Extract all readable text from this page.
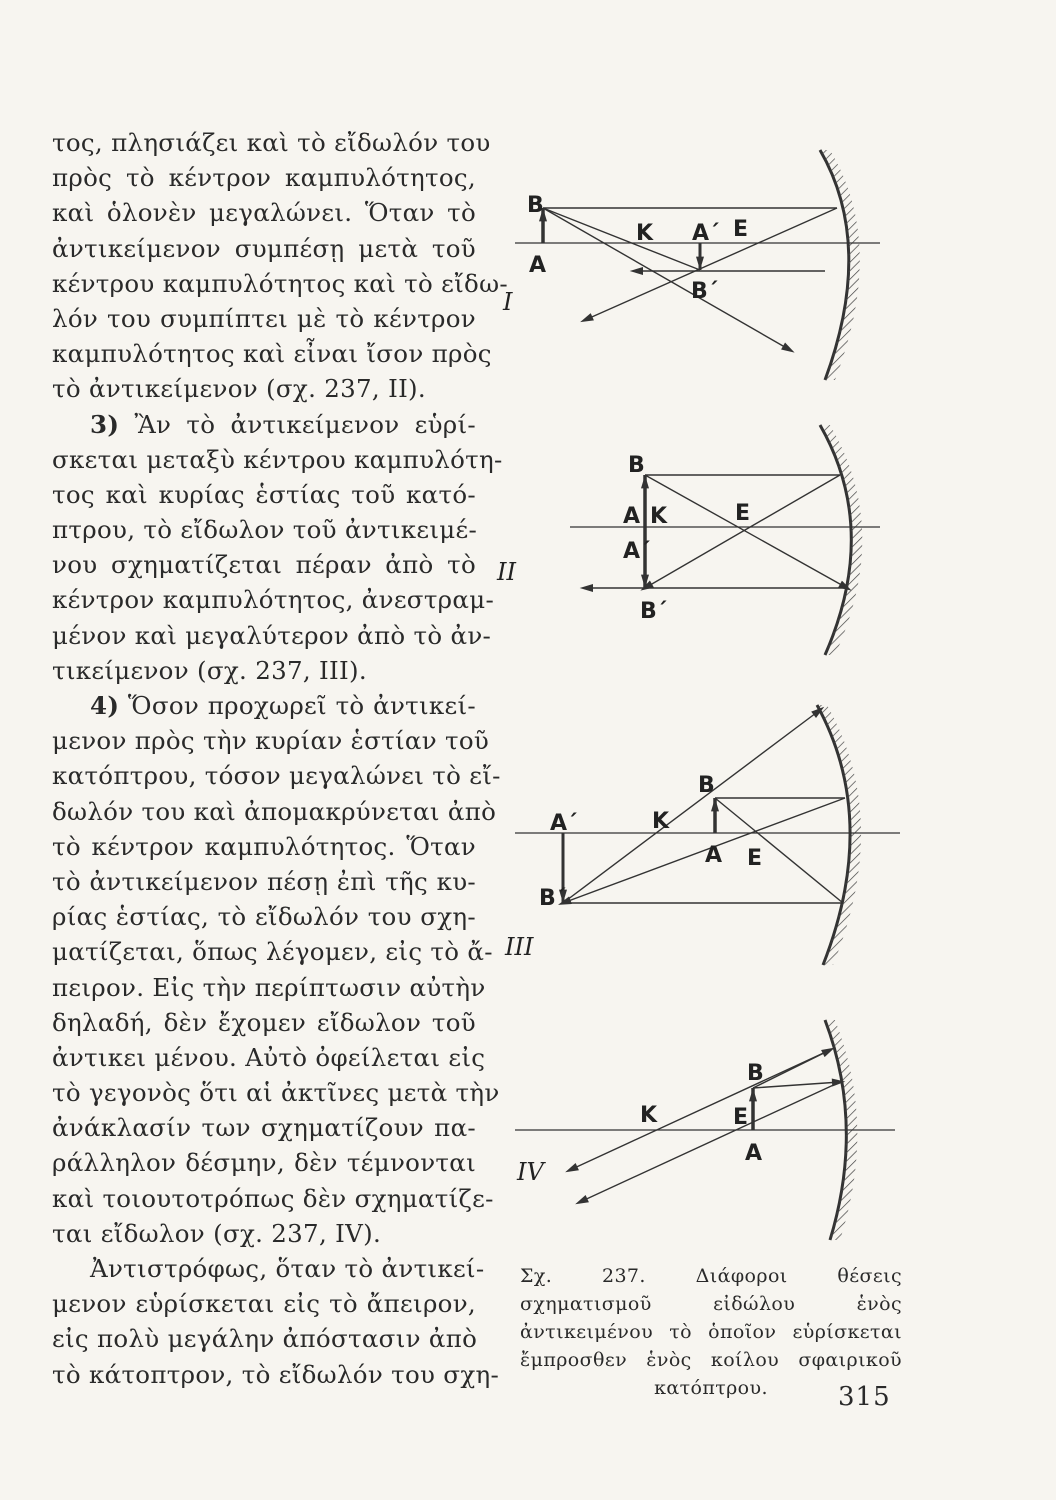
τος, πλησιάζει καὶ τὸ εἴδωλόν του
πρὸς τὸ κέντρον καμπυλότητος,
καὶ ὁλονὲν μεγαλώνει. Ὅταν τὸ
ἀντικείμενον συμπέσῃ μετὰ τοῦ
κέντρου καμπυλότητος καὶ τὸ εἴδω-
λόν του συμπίπτει μὲ τὸ κέντρον
καμπυλότητος καὶ εἶναι ἴσον πρὸς
τὸ ἀντικείμενον (σχ. 237, II).
3) Ἂν τὸ ἀντικείμενον εὑρί-
σκεται μεταξὺ κέντρου καμπυλότη-
τος καὶ κυρίας ἑστίας τοῦ κατό-
πτρου, τὸ εἴδωλον τοῦ ἀντικειμέ-
νου σχηματίζεται πέραν ἀπὸ τὸ
κέντρον καμπυλότητος, ἀνεστραμ-
μένον καὶ μεγαλύτερον ἀπὸ τὸ ἀν-
τικείμενον (σχ. 237, III).
4) Ὅσον προχωρεῖ τὸ ἀντικεί-
μενον πρὸς τὴν κυρίαν ἑστίαν τοῦ
κατόπτρου, τόσον μεγαλώνει τὸ εἴ-
δωλόν του καὶ ἀπομακρύνεται ἀπὸ
τὸ κέντρον καμπυλότητος. Ὅταν
τὸ ἀντικείμενον πέσῃ ἐπὶ τῆς κυ-
ρίας ἑστίας, τὸ εἴδωλόν του σχη-
ματίζεται, ὅπως λέγομεν, εἰς τὸ ἄ-
πειρον. Εἰς τὴν περίπτωσιν αὐτὴν
δηλαδή, δὲν ἔχομεν εἴδωλον τοῦ
ἀντικει μένου. Αὐτὸ ὀφείλεται εἰς
τὸ γεγονὸς ὅτι αἱ ἀκτῖνες μετὰ τὴν
ἀνάκλασίν των σχηματίζουν πα-
ράλληλον δέσμην, δὲν τέμνονται
καὶ τοιουτοτρόπως δὲν σχηματίζε-
ται εἴδωλον (σχ. 237, IV).
Ἀντιστρόφως, ὅταν τὸ ἀντικεί-
μενον εὑρίσκεται εἰς τὸ ἄπειρον,
εἰς πολὺ μεγάλην ἀπόστασιν ἀπὸ
τὸ κάτοπτρον, τὸ εἴδωλόν του σχη-
B
A
K A΄ E
B΄
I
B
A K
A΄
E
B΄
II
A΄	K
B
A E
B΄
III
B
K	E
A
IV
Σχ. 237. Διάφοροι θέσεις σχηματισμοῦ εἰδώλου ἑνὸς ἀντικειμένου τὸ ὁποῖον εὑρίσκεται ἔμπροσθεν ἑνὸς κοίλου σφαιρικοῦ κατόπτρου.	315
